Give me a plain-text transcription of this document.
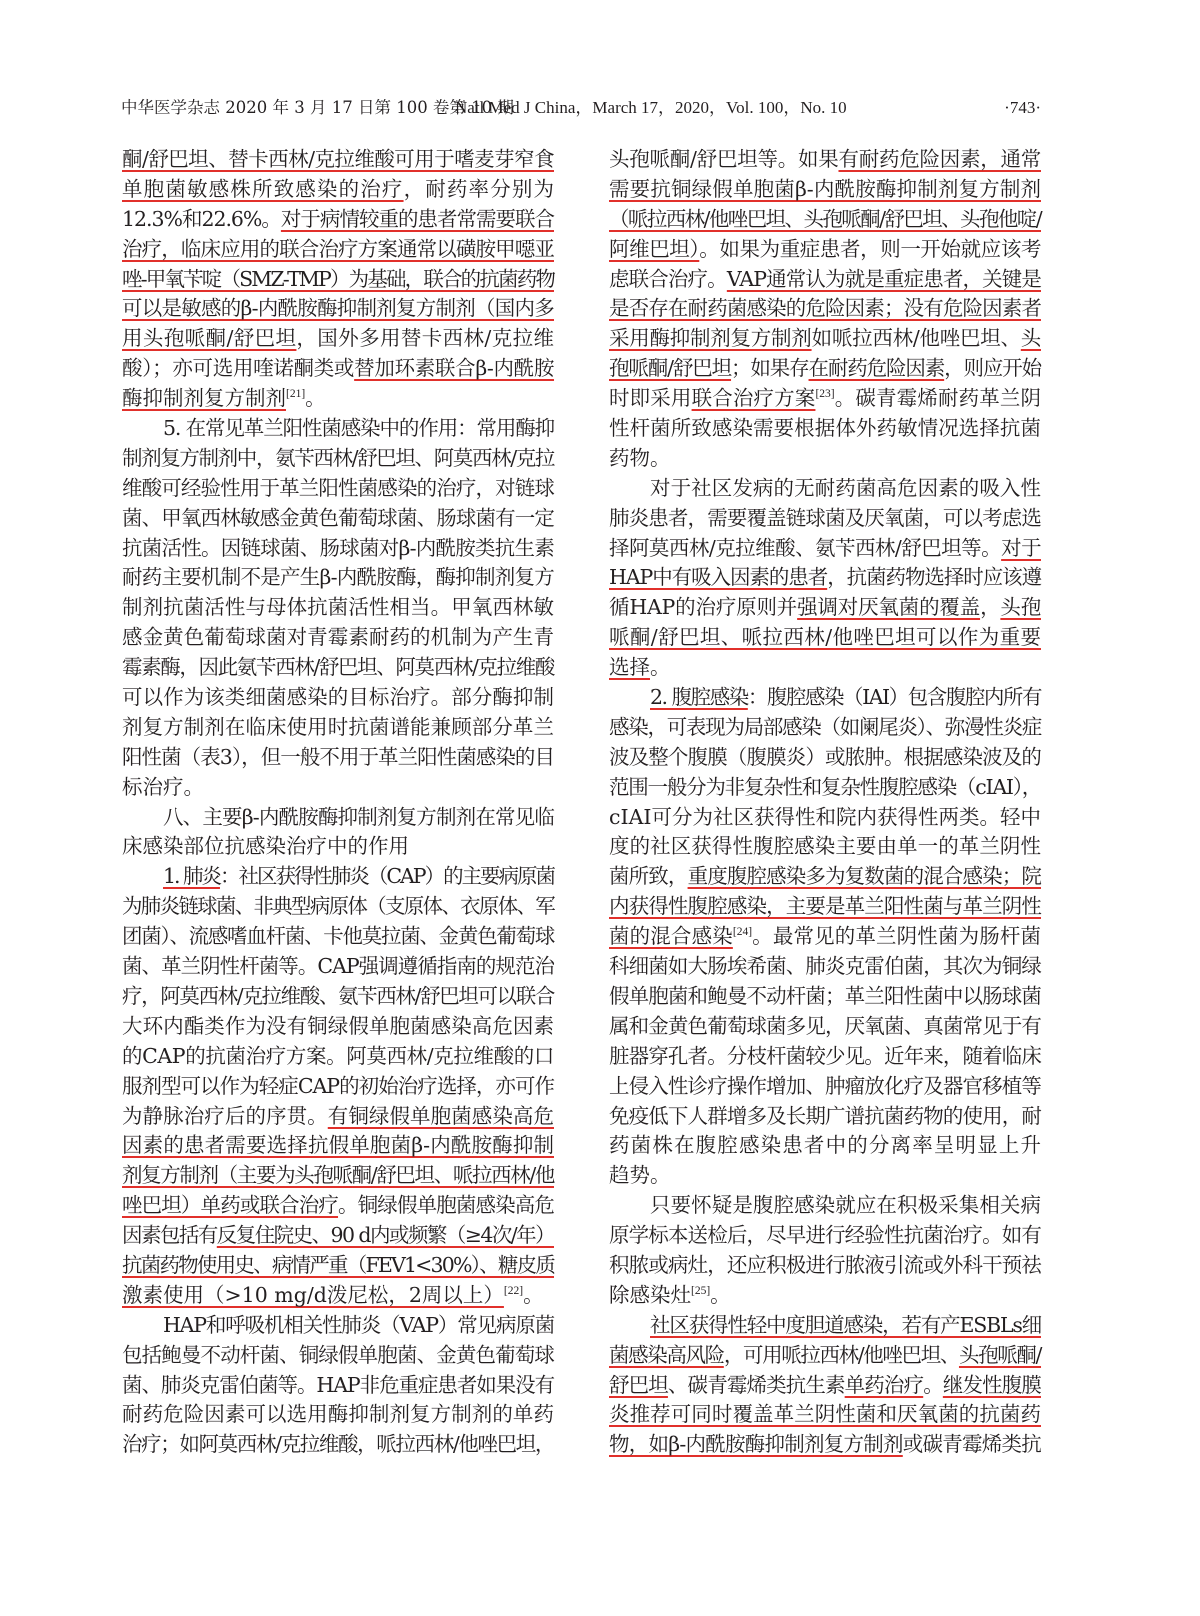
中华医学杂志 2020 年 3 月 17 日第 100 卷第 10 期
Natl Med J China，March 17，2020，Vol. 100，No. 10	·743·
酮/舒巴坦、替卡西林/克拉维酸可用于嗜麦芽窄食
单胞菌敏感株所致感染的治疗，耐药率分别为
12.3%和22.6%。对于病情较重的患者常需要联合
治疗，临床应用的联合治疗方案通常以磺胺甲噁亚
唑-甲氧苄啶（SMZ-TMP）为基础，联合的抗菌药物
可以是敏感的β-内酰胺酶抑制剂复方制剂（国内多
用头孢哌酮/舒巴坦，国外多用替卡西林/克拉维
酸）；亦可选用喹诺酮类或替加环素联合β-内酰胺
酶抑制剂复方制剂[21]。
5. 在常见革兰阳性菌感染中的作用：常用酶抑
制剂复方制剂中，氨苄西林/舒巴坦、阿莫西林/克拉
维酸可经验性用于革兰阳性菌感染的治疗，对链球
菌、甲氧西林敏感金黄色葡萄球菌、肠球菌有一定
抗菌活性。因链球菌、肠球菌对β-内酰胺类抗生素
耐药主要机制不是产生β-内酰胺酶，酶抑制剂复方
制剂抗菌活性与母体抗菌活性相当。甲氧西林敏
感金黄色葡萄球菌对青霉素耐药的机制为产生青
霉素酶，因此氨苄西林/舒巴坦、阿莫西林/克拉维酸
可以作为该类细菌感染的目标治疗。部分酶抑制
剂复方制剂在临床使用时抗菌谱能兼顾部分革兰
阳性菌（表3），但一般不用于革兰阳性菌感染的目
标治疗。
八、主要β-内酰胺酶抑制剂复方制剂在常见临
床感染部位抗感染治疗中的作用
1. 肺炎：社区获得性肺炎（CAP）的主要病原菌
为肺炎链球菌、非典型病原体（支原体、衣原体、军
团菌）、流感嗜血杆菌、卡他莫拉菌、金黄色葡萄球
菌、革兰阴性杆菌等。CAP强调遵循指南的规范治
疗，阿莫西林/克拉维酸、氨苄西林/舒巴坦可以联合
大环内酯类作为没有铜绿假单胞菌感染高危因素
的CAP的抗菌治疗方案。阿莫西林/克拉维酸的口
服剂型可以作为轻症CAP的初始治疗选择，亦可作
为静脉治疗后的序贯。有铜绿假单胞菌感染高危
因素的患者需要选择抗假单胞菌β-内酰胺酶抑制
剂复方制剂（主要为头孢哌酮/舒巴坦、哌拉西林/他
唑巴坦）单药或联合治疗。铜绿假单胞菌感染高危
因素包括有反复住院史、90 d内或频繁（≥4次/年）
抗菌药物使用史、病情严重（FEV1<30%）、糖皮质
激素使用（>10 mg/d泼尼松，2周以上）[22]。
HAP和呼吸机相关性肺炎（VAP）常见病原菌
包括鲍曼不动杆菌、铜绿假单胞菌、金黄色葡萄球
菌、肺炎克雷伯菌等。HAP非危重症患者如果没有
耐药危险因素可以选用酶抑制剂复方制剂的单药
治疗；如阿莫西林/克拉维酸，哌拉西林/他唑巴坦，
头孢哌酮/舒巴坦等。如果有耐药危险因素，通常
需要抗铜绿假单胞菌β-内酰胺酶抑制剂复方制剂
（哌拉西林/他唑巴坦、头孢哌酮/舒巴坦、头孢他啶/
阿维巴坦）。如果为重症患者，则一开始就应该考
虑联合治疗。VAP通常认为就是重症患者，关键是
是否存在耐药菌感染的危险因素；没有危险因素者
采用酶抑制剂复方制剂如哌拉西林/他唑巴坦、头
孢哌酮/舒巴坦；如果存在耐药危险因素，则应开始
时即采用联合治疗方案[23]。碳青霉烯耐药革兰阴
性杆菌所致感染需要根据体外药敏情况选择抗菌
药物。
对于社区发病的无耐药菌高危因素的吸入性
肺炎患者，需要覆盖链球菌及厌氧菌，可以考虑选
择阿莫西林/克拉维酸、氨苄西林/舒巴坦等。对于
HAP中有吸入因素的患者，抗菌药物选择时应该遵
循HAP的治疗原则并强调对厌氧菌的覆盖，头孢
哌酮/舒巴坦、哌拉西林/他唑巴坦可以作为重要
选择。
2. 腹腔感染：腹腔感染（IAI）包含腹腔内所有
感染，可表现为局部感染（如阑尾炎）、弥漫性炎症
波及整个腹膜（腹膜炎）或脓肿。根据感染波及的
范围一般分为非复杂性和复杂性腹腔感染（cIAI），
cIAI可分为社区获得性和院内获得性两类。轻中
度的社区获得性腹腔感染主要由单一的革兰阴性
菌所致，重度腹腔感染多为复数菌的混合感染；院
内获得性腹腔感染，主要是革兰阳性菌与革兰阴性
菌的混合感染[24]。最常见的革兰阴性菌为肠杆菌
科细菌如大肠埃希菌、肺炎克雷伯菌，其次为铜绿
假单胞菌和鲍曼不动杆菌；革兰阳性菌中以肠球菌
属和金黄色葡萄球菌多见，厌氧菌、真菌常见于有
脏器穿孔者。分枝杆菌较少见。近年来，随着临床
上侵入性诊疗操作增加、肿瘤放化疗及器官移植等
免疫低下人群增多及长期广谱抗菌药物的使用，耐
药菌株在腹腔感染患者中的分离率呈明显上升
趋势。
只要怀疑是腹腔感染就应在积极采集相关病
原学标本送检后，尽早进行经验性抗菌治疗。如有
积脓或病灶，还应积极进行脓液引流或外科干预祛
除感染灶[25]。
社区获得性轻中度胆道感染，若有产ESBLs细
菌感染高风险，可用哌拉西林/他唑巴坦、头孢哌酮/
舒巴坦、碳青霉烯类抗生素单药治疗。继发性腹膜
炎推荐可同时覆盖革兰阴性菌和厌氧菌的抗菌药
物，如β-内酰胺酶抑制剂复方制剂或碳青霉烯类抗
